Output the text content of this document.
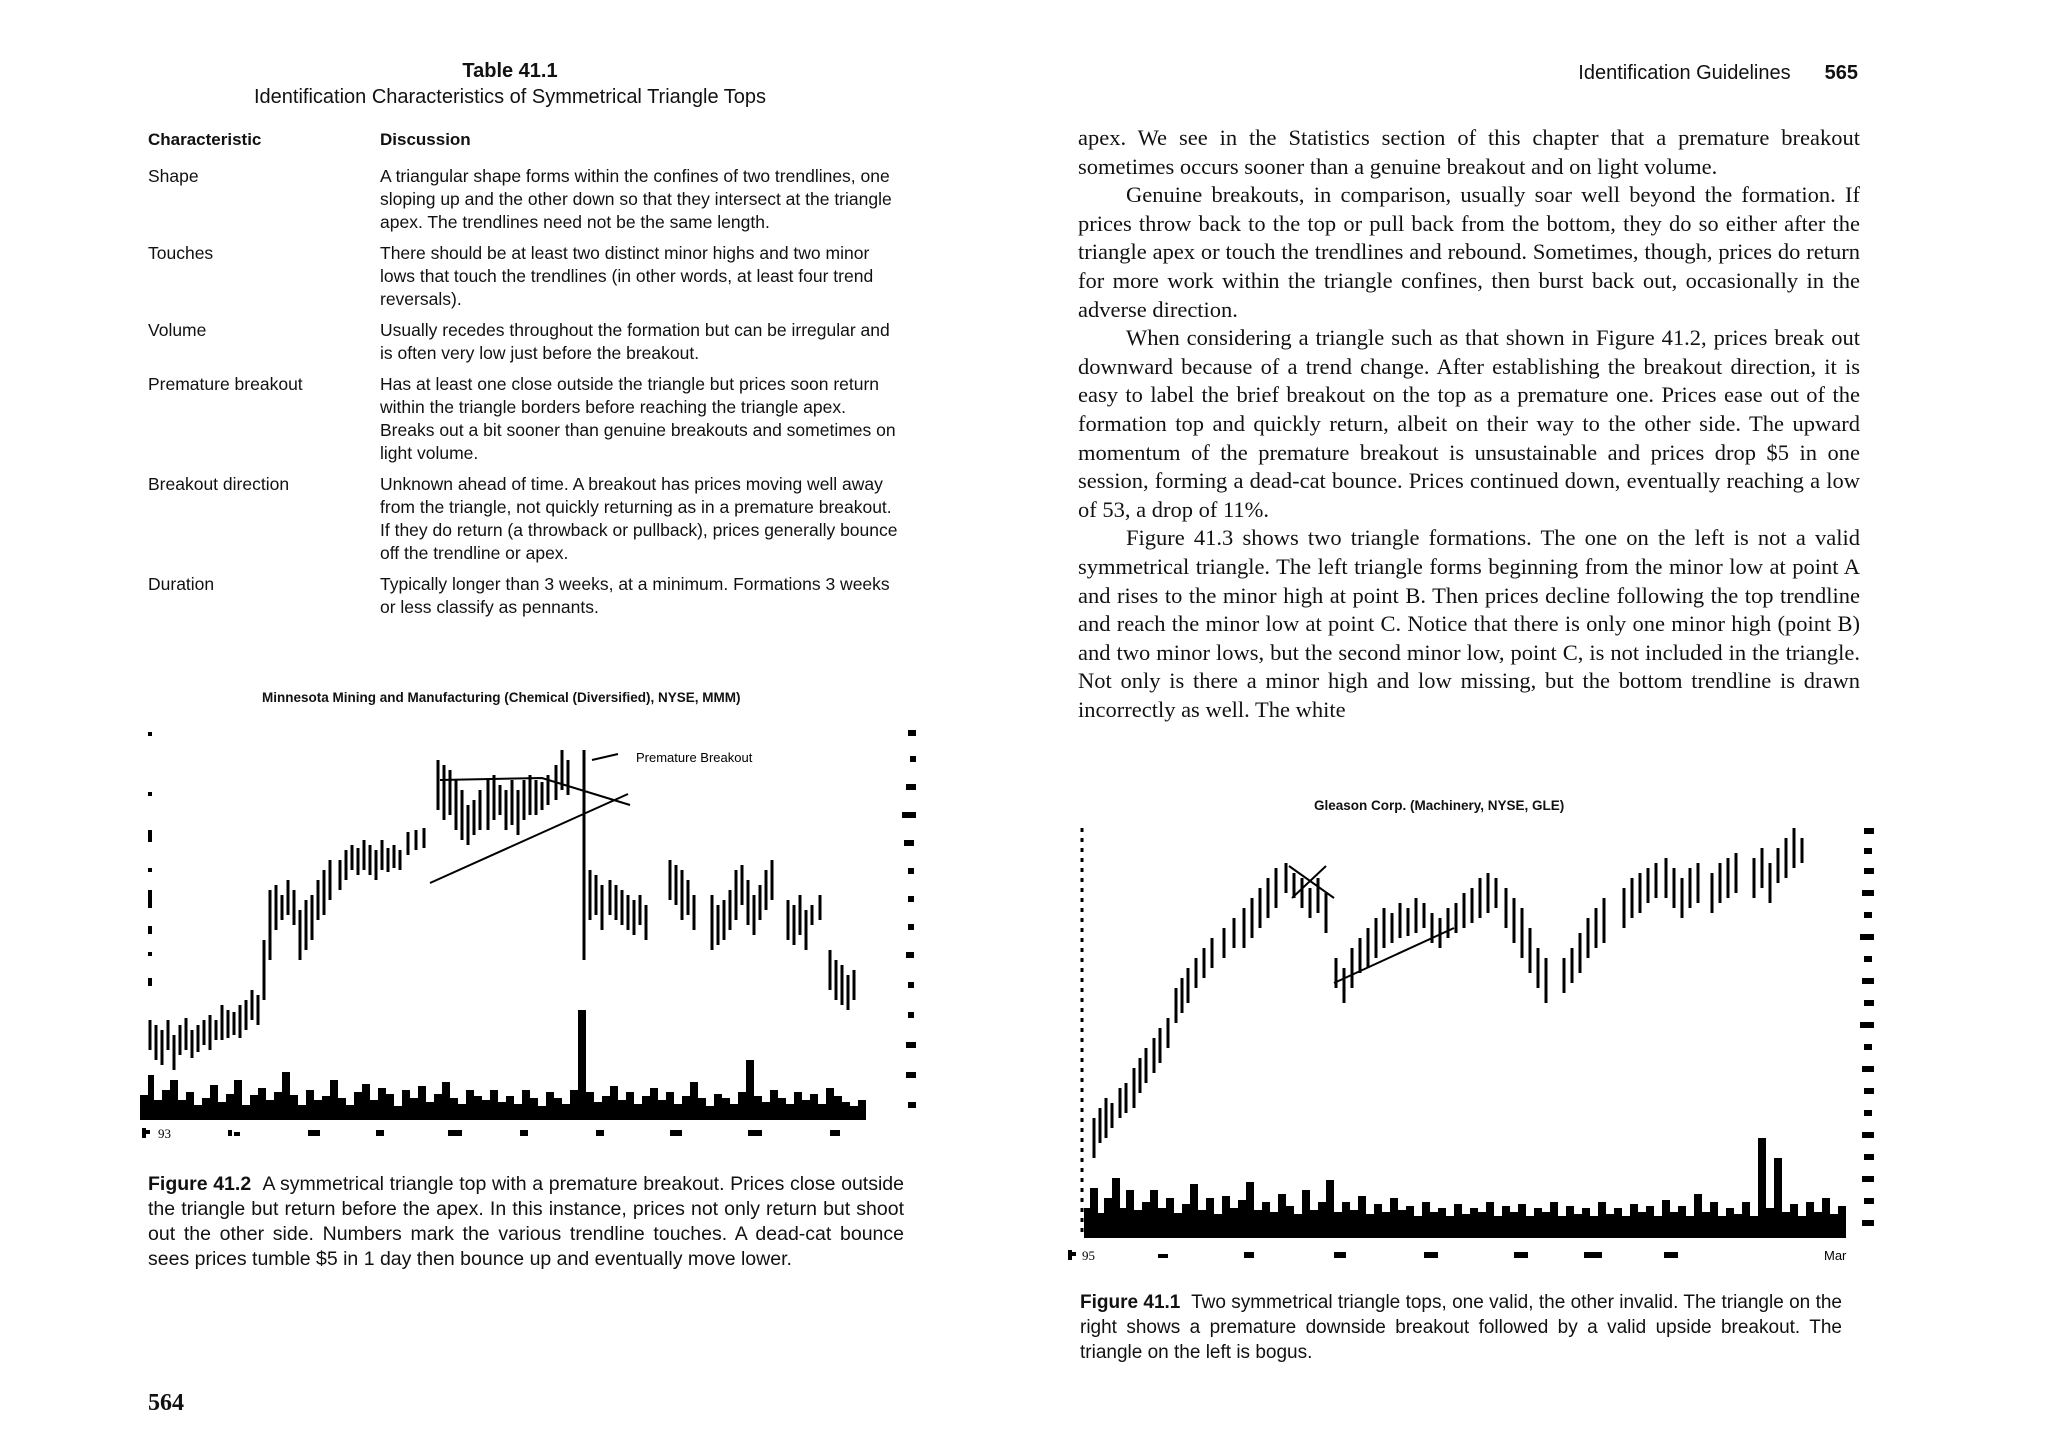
Table 41.1
Identification Characteristics of Symmetrical Triangle Tops
Characteristic	Discussion
Shape	A triangular shape forms within the confines of two trendlines, one sloping up and the other down so that they intersect at the triangle apex. The trendlines need not be the same length.
Touches	There should be at least two distinct minor highs and two minor lows that touch the trendlines (in other words, at least four trend reversals).
Volume	Usually recedes throughout the formation but can be irregular and is often very low just before the breakout.
Premature breakout	Has at least one close outside the triangle but prices soon return within the triangle borders before reaching the triangle apex. Breaks out a bit sooner than genuine breakouts and sometimes on light volume.
Breakout direction	Unknown ahead of time. A breakout has prices moving well away from the triangle, not quickly returning as in a premature breakout. If they do return (a throwback or pullback), prices generally bounce off the trendline or apex.
Duration	Typically longer than 3 weeks, at a minimum. Formations 3 weeks or less classify as pennants.
Minnesota Mining and Manufacturing (Chemical (Diversified), NYSE, MMM)
93
Premature Breakout
Figure 41.2 A symmetrical triangle top with a premature breakout. Prices close outside the triangle but return before the apex. In this instance, prices not only return but shoot out the other side. Numbers mark the various trendline touches. A dead-cat bounce sees prices tumble $5 in 1 day then bounce up and eventually move lower.
564
Identification Guidelines 565

apex. We see in the Statistics section of this chapter that a premature breakout sometimes occurs sooner than a genuine breakout and on light volume.

Genuine breakouts, in comparison, usually soar well beyond the formation. If prices throw back to the top or pull back from the bottom, they do so either after the triangle apex or touch the trendlines and rebound. Sometimes, though, prices do return for more work within the triangle confines, then burst back out, occasionally in the adverse direction.

When considering a triangle such as that shown in Figure 41.2, prices break out downward because of a trend change. After establishing the breakout direction, it is easy to label the brief breakout on the top as a premature one. Prices ease out of the formation top and quickly return, albeit on their way to the other side. The upward momentum of the premature breakout is unsustainable and prices drop $5 in one session, forming a dead-cat bounce. Prices continued down, eventually reaching a low of 53, a drop of 11%.

Figure 41.3 shows two triangle formations. The one on the left is not a valid symmetrical triangle. The left triangle forms beginning from the minor low at point A and rises to the minor high at point B. Then prices decline following the top trendline and reach the minor low at point C. Notice that there is only one minor high (point B) and two minor lows, but the second minor low, point C, is not included in the triangle. Not only is there a minor high and low missing, but the bottom trendline is drawn incorrectly as well. The white

Gleason Corp. (Machinery, NYSE, GLE)
95	Mar
Figure 41.1 Two symmetrical triangle tops, one valid, the other invalid. The triangle on the right shows a premature downside breakout followed by a valid upside breakout. The triangle on the left is bogus.
